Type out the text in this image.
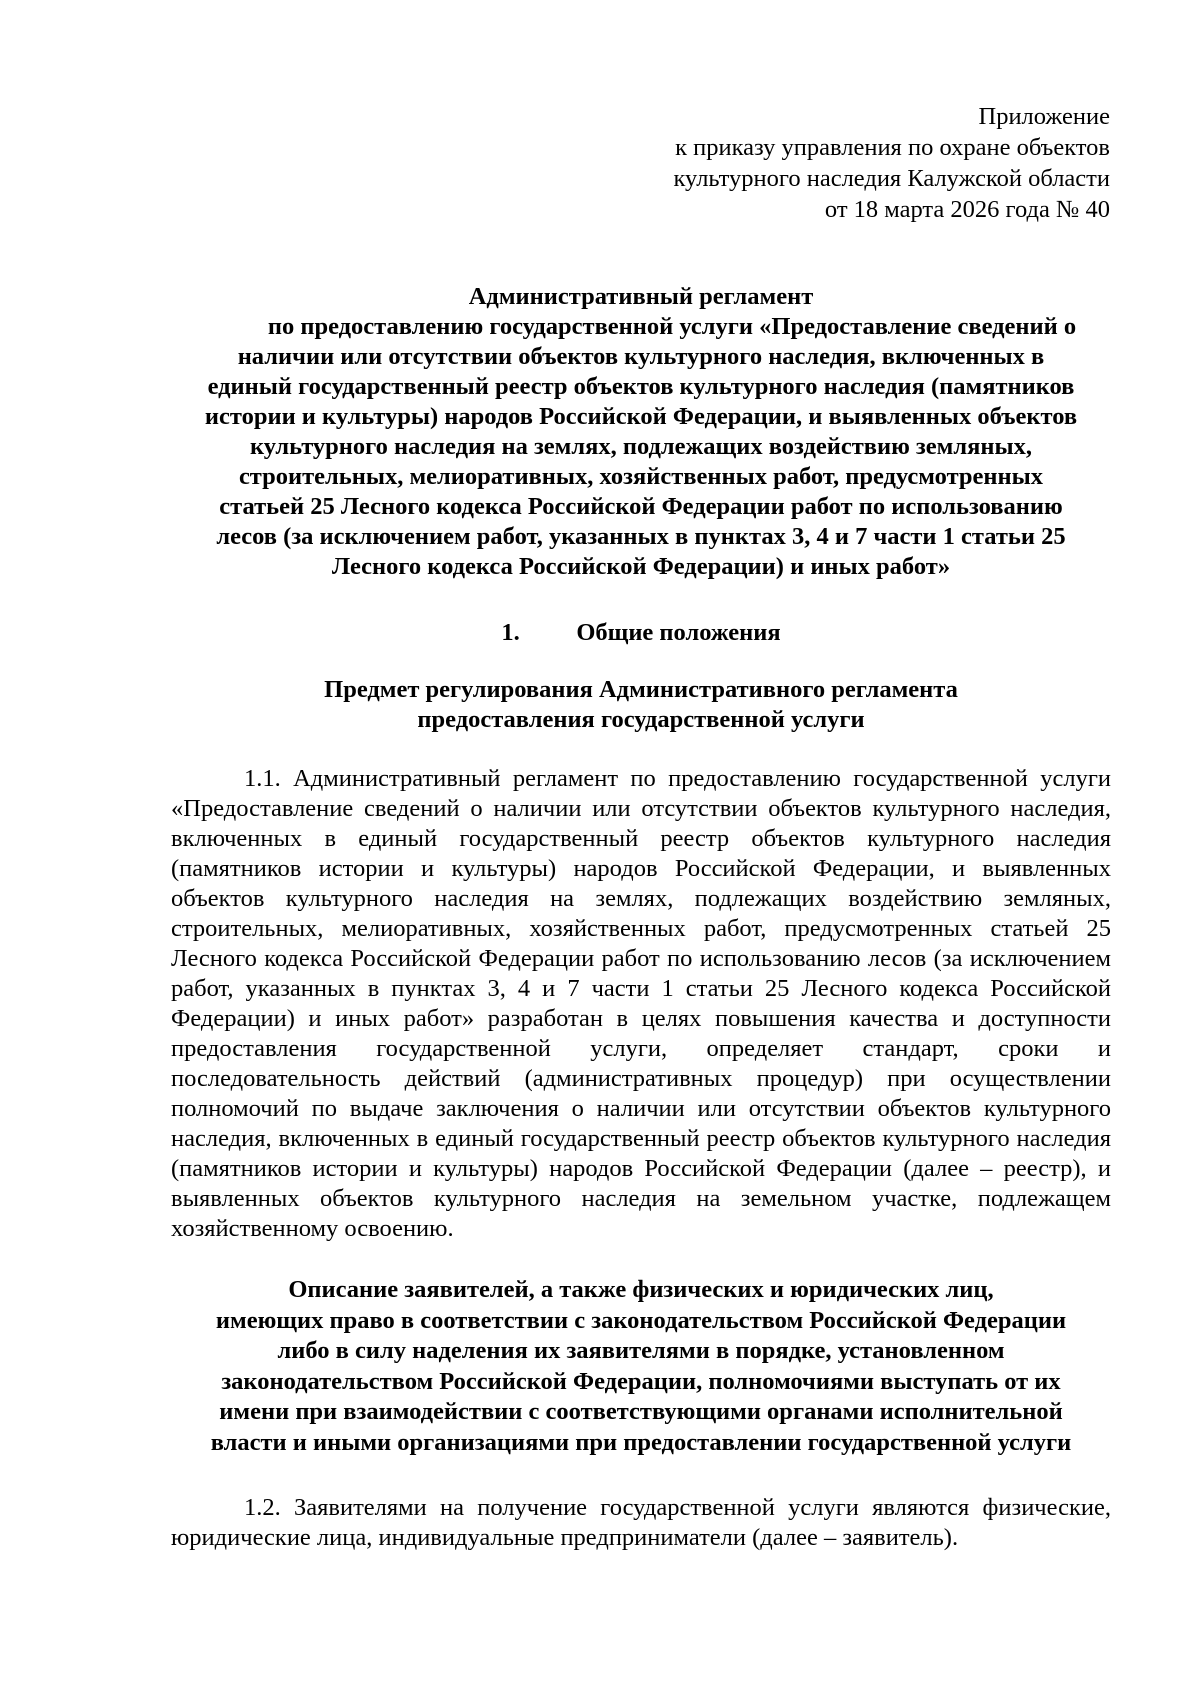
Приложение
к приказу управления по охране объектов
культурного наследия Калужской области
от 18 марта 2026 года № 40
Административный регламент
по предоставлению государственной услуги «Предоставление сведений о
наличии или отсутствии объектов культурного наследия, включенных в
единый государственный реестр объектов культурного наследия (памятников
истории и культуры) народов Российской Федерации, и выявленных объектов
культурного наследия на землях, подлежащих воздействию земляных,
строительных, мелиоративных, хозяйственных работ, предусмотренных
статьей 25 Лесного кодекса Российской Федерации работ по использованию
лесов (за исключением работ, указанных в пунктах 3, 4 и 7 части 1 статьи 25
Лесного кодекса Российской Федерации) и иных работ»
1. Общие положения
Предмет регулирования Административного регламента
предоставления государственной услуги

1.1. Административный регламент по предоставлению государственной услуги «Предоставление сведений о наличии или отсутствии объектов культурного наследия, включенных в единый государственный реестр объектов культурного наследия (памятников истории и культуры) народов Российской Федерации, и выявленных объектов культурного наследия на землях, подлежащих воздействию земляных, строительных, мелиоративных, хозяйственных работ, предусмотренных статьей 25 Лесного кодекса Российской Федерации работ по использованию лесов (за исключением работ, указанных в пунктах 3, 4 и 7 части 1 статьи 25 Лесного кодекса Российской Федерации) и иных работ» разработан в целях повышения качества и доступности предоставления государственной услуги, определяет стандарт, сроки и последовательность действий (административных процедур) при осуществлении полномочий по выдаче заключения о наличии или отсутствии объектов культурного наследия, включенных в единый государственный реестр объектов культурного наследия (памятников истории и культуры) народов Российской Федерации (далее – реестр), и выявленных объектов культурного наследия на земельном участке, подлежащем хозяйственному освоению.

Описание заявителей, а также физических и юридических лиц,
имеющих право в соответствии с законодательством Российской Федерации
либо в силу наделения их заявителями в порядке, установленном
законодательством Российской Федерации, полномочиями выступать от их
имени при взаимодействии с соответствующими органами исполнительной
власти и иными организациями при предоставлении государственной услуги

1.2. Заявителями на получение государственной услуги являются физические, юридические лица, индивидуальные предприниматели (далее – заявитель).
